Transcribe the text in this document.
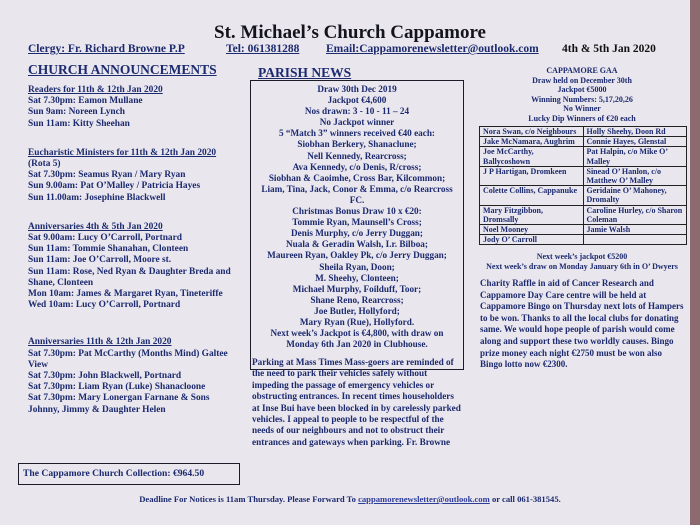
St. Michael’s Church Cappamore
Clergy: Fr. Richard Browne P.P	Tel: 061381288 Email:Cappamorenewsletter@outlook.com 4th & 5th Jan 2020
CHURCH ANNOUNCEMENTS
Readers for 11th & 12th Jan 2020
Sat 7.30pm: Eamon Mullane
Sun 9am: Noreen Lynch
Sun 11am: Kitty Sheehan
Eucharistic Ministers for 11th & 12th Jan 2020
(Rota 5)
Sat 7.30pm: Seamus Ryan / Mary Ryan
Sun 9.00am: Pat O’Malley / Patricia Hayes
Sun 11.00am: Josephine Blackwell
Anniversaries 4th & 5th Jan 2020
Sat 9.00am: Lucy O’Carroll, Portnard
Sun 11am: Tommie Shanahan, Clonteen
Sun 11am: Joe O’Carroll, Moore st.
Sun 11am: Rose, Ned Ryan & Daughter Breda and Shane, Clonteen
Mon 10am: James & Margaret Ryan, Tineteriffe
Wed 10am: Lucy O’Carroll, Portnard
Anniversaries 11th & 12th Jan 2020
Sat 7.30pm: Pat McCarthy (Months Mind) Galtee View
Sat 7.30pm: John Blackwell, Portnard
Sat 7.30pm: Liam Ryan (Luke) Shanacloone
Sat 7.30pm: Mary Lonergan Farnane & Sons Johnny, Jimmy & Daughter Helen
The Cappamore Church Collection: €964.50
PARISH NEWS
Draw 30th Dec 2019
Jackpot €4,600
Nos drawn: 3 - 10 - 11 – 24
No Jackpot winner
5 “Match 3” winners received €40 each:
Siobhan Berkery, Shanaclune;
Nell Kennedy, Rearcross;
Ava Kennedy, c/o Denis, R/cross;
Siobhan & Caoimhe, Cross Bar, Kilcommon;
Liam, Tina, Jack, Conor & Emma, c/o Rearcross FC.
Christmas Bonus Draw 10 x €20:
Tommie Ryan, Maunsell’s Cross;
Denis Murphy, c/o Jerry Duggan;
Nuala & Geradin Walsh, I.r. Bilboa;
Maureen Ryan, Oakley Pk, c/o Jerry Duggan;
Sheila Ryan, Doon;
M. Sheehy, Clonteen;
Michael Murphy, Foilduff, Toor;
Shane Reno, Rearcross;
Joe Butler, Hollyford;
Mary Ryan (Rue), Hollyford.
Next week’s Jackpot is €4,800, with draw on Monday 6th Jan 2020 in Clubhouse.
Parking at Mass Times Mass-goers are reminded of the need to park their vehicles safely without impeding the passage of emergency vehicles or obstructing entrances. In recent times householders at Inse Bui have been blocked in by carelessly parked vehicles. I appeal to people to be respectful of the needs of our neighbours and not to obstruct their entrances and gateways when parking. Fr. Browne
CAPPAMORE GAA
Draw held on December 30th
Jackpot €5000
Winning Numbers: 5,17,20,26
No Winner
Lucky Dip Winners of €20 each
Nora Swan, c/o Neighbours	Holly Sheehy, Doon Rd
Jake McNamara, Aughrim	Connie Hayes, Glenstal
Joe McCarthy, Ballycoshown	Pat Halpin, c/o Mike O’ Malley
J P Hartigan, Dromkeen	Sinead O’ Hanlon, c/o Matthew O’ Malley
Colette Collins, Cappanuke	Geridaine O’ Mahoney, Dromalty
Mary Fitzgibbon, Dromsally	Caroline Hurley, c/o Sharon Coleman
Noel Mooney	Jamie Walsh
Jody O’ Carroll	
Next week’s jackpot €5200
Next week’s draw on Monday January 6th in O’ Dwyers
Charity Raffle in aid of Cancer Research and Cappamore Day Care centre will be held at Cappamore Bingo on Thursday next lots of Hampers to be won. Thanks to all the local clubs for donating same. We would hope people of parish would come along and support these two worldly causes. Bingo prize money each night €2750 must be won also Bingo lotto now €2300.
Deadline For Notices is 11am Thursday. Please Forward To cappamorenewsletter@outlook.com or call 061-381545.
